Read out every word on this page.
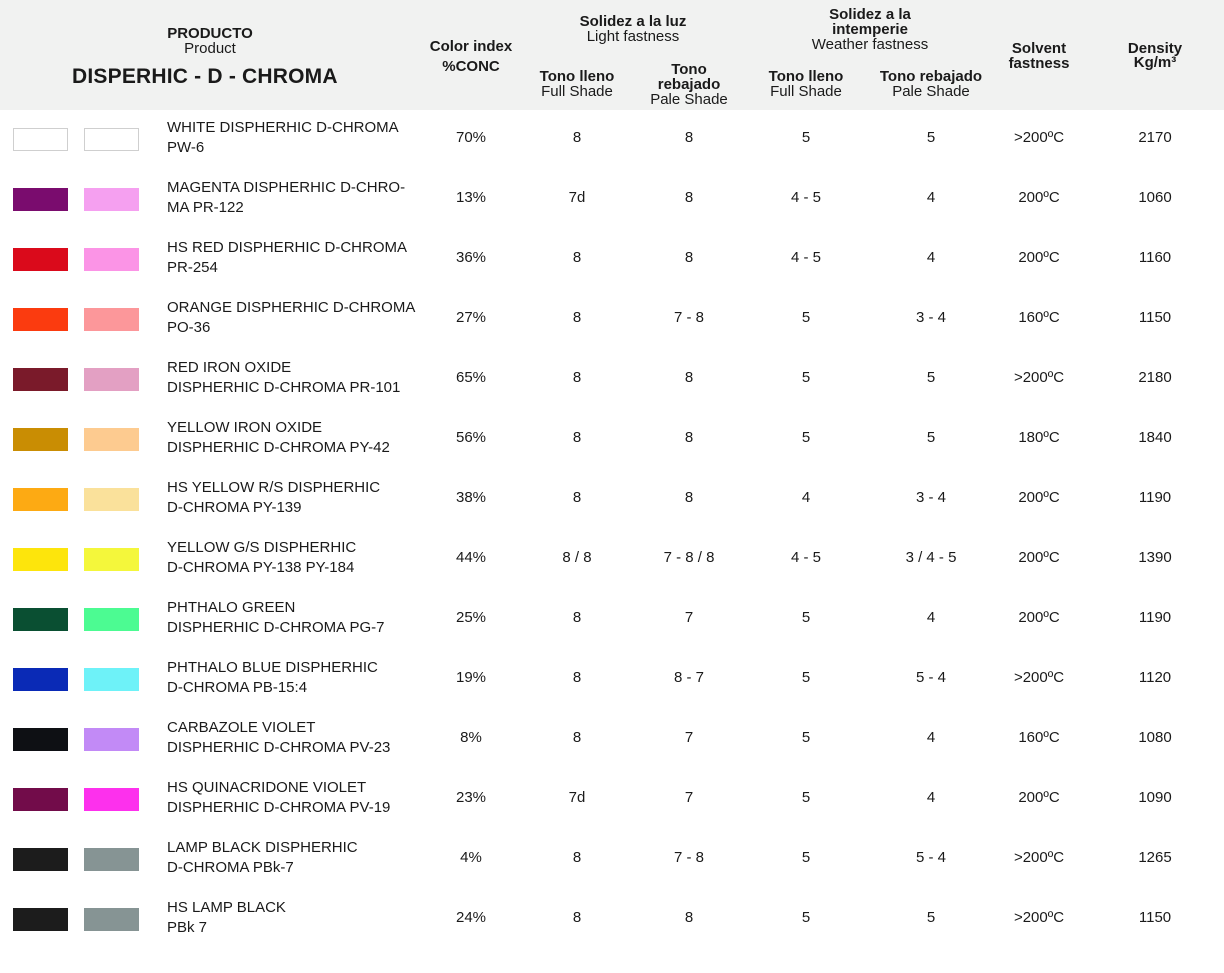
PRODUCTO
Product
DISPERHIC - D - CHROMA
Color index
%CONC
Solidez a la luz
Light fastness
Solidez a la
intemperie
Weather fastness
Tono lleno
Full Shade
Tono
rebajado
Pale Shade
Tono lleno
Full Shade
Tono rebajado
Pale Shade
Solvent
fastness
Density
Kg/m³
WHITE DISPHERHIC D-CHROMA
PW-6
70%	8	8	5	5	>200ºC	2170
MAGENTA DISPHERHIC D-CHRO-
MA PR-122
13%	7d	8	4 - 5	4	200ºC	1060
HS RED DISPHERHIC D-CHROMA
PR-254
36%	8	8	4 - 5	4	200ºC	1160
ORANGE DISPHERHIC D-CHROMA
PO-36
27%	8	7 - 8	5	3 - 4	160ºC	1150
RED IRON OXIDE
DISPHERHIC D-CHROMA PR-101
65%	8	8	5	5	>200ºC	2180
YELLOW IRON OXIDE
DISPHERHIC D-CHROMA PY-42
56%	8	8	5	5	180ºC	1840
HS YELLOW R/S DISPHERHIC
D-CHROMA PY-139
38%	8	8	4	3 - 4	200ºC	1190
YELLOW G/S DISPHERHIC
D-CHROMA PY-138 PY-184
44%	8 / 8	7 - 8 / 8	4 - 5	3 / 4 - 5	200ºC	1390
PHTHALO GREEN
DISPHERHIC D-CHROMA PG-7
25%	8	7	5	4	200ºC	1190
PHTHALO BLUE DISPHERHIC
D-CHROMA PB-15:4
19%	8	8 - 7	5	5 - 4	>200ºC	1120
CARBAZOLE VIOLET
DISPHERHIC D-CHROMA PV-23
8%	8	7	5	4	160ºC	1080
HS QUINACRIDONE VIOLET
DISPHERHIC D-CHROMA PV-19
23%	7d	7	5	4	200ºC	1090
LAMP BLACK DISPHERHIC
D-CHROMA PBk-7
4%	8	7 - 8	5	5 - 4	>200ºC	1265
HS LAMP BLACK
PBk 7
24%	8	8	5	5	>200ºC	1150
